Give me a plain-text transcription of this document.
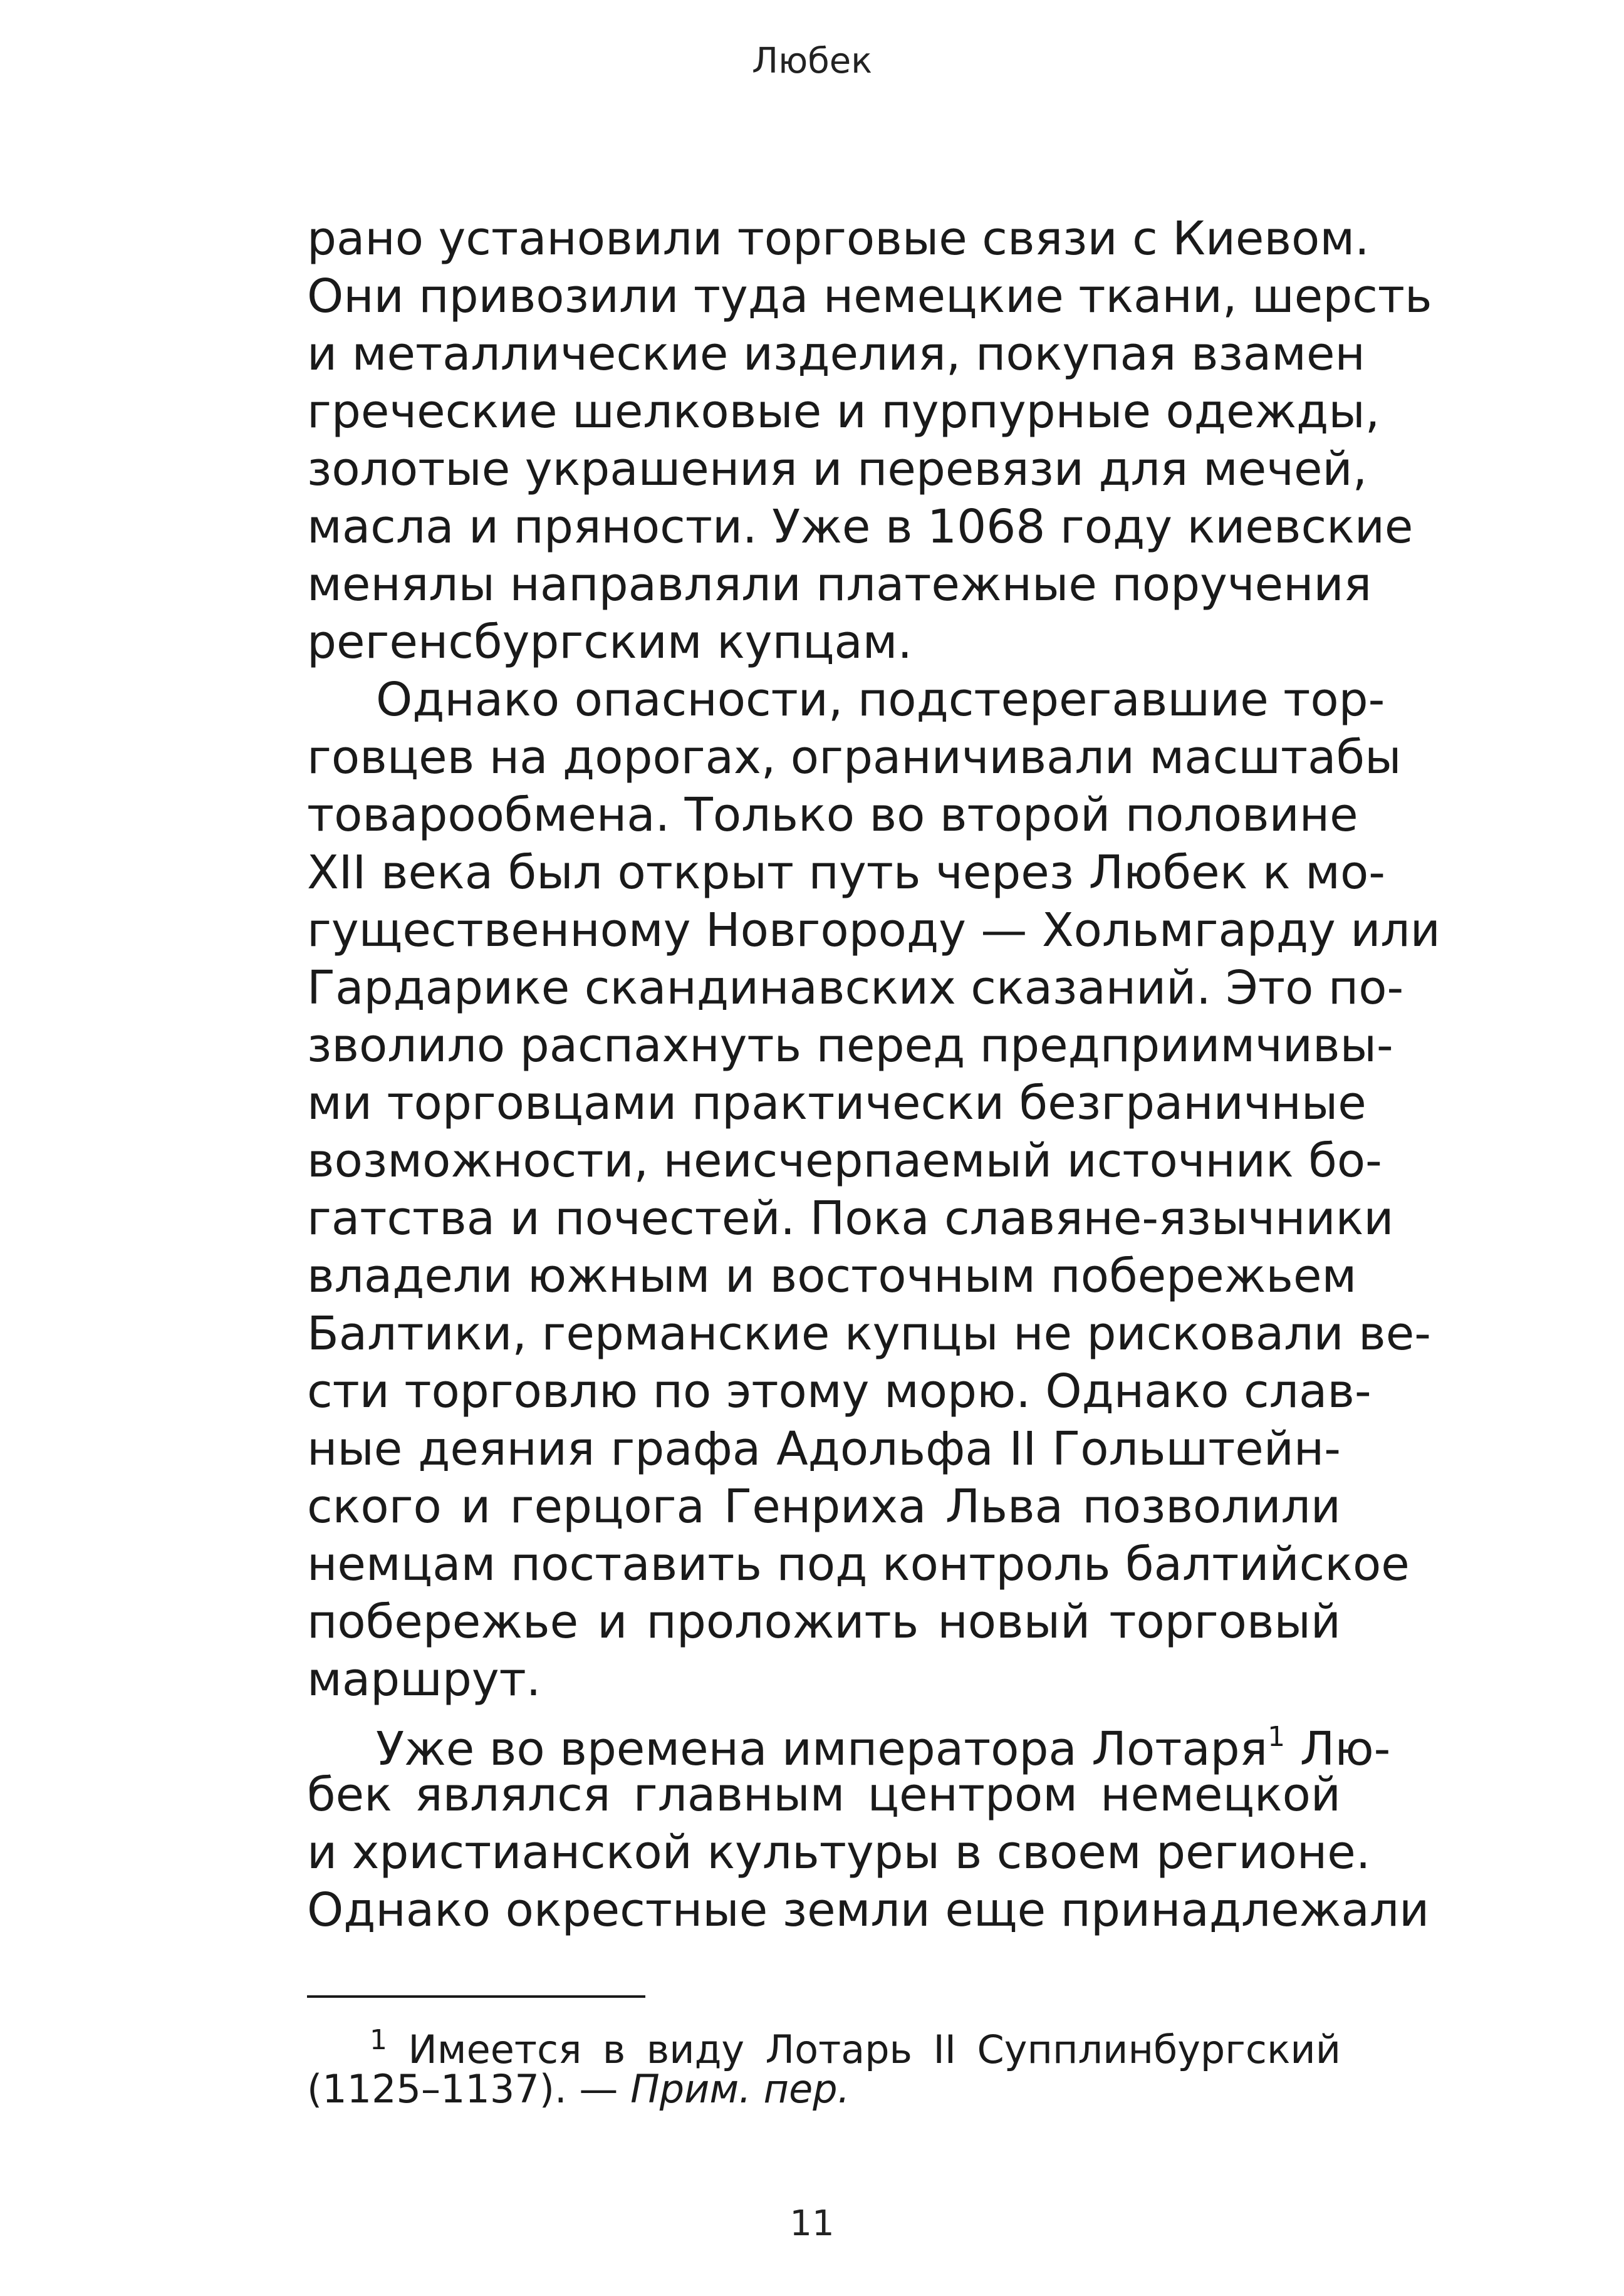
Любек

рано установили торговые связи с Киевом.

Они привозили туда немецкие ткани, шерсть

и металлические изделия, покупая взамен

греческие шелковые и пурпурные одежды,

золотые украшения и перевязи для мечей,

масла и пряности. Уже в 1068 году киевские

менялы направляли платежные поручения

регенсбургским купцам.

Однако опасности, подстерегавшие тор-

говцев на дорогах, ограничивали масштабы

товарообмена. Только во второй половине

XII века был открыт путь через Любек к мо-

гущественному Новгороду — Хольмгарду или

Гардарике скандинавских сказаний. Это по-

зволило распахнуть перед предприимчивы-

ми торговцами практически безграничные

возможности, неисчерпаемый источник бо-

гатства и почестей. Пока славяне-язычники

владели южным и восточным побережьем

Балтики, германские купцы не рисковали ве-

сти торговлю по этому морю. Однако слав-

ные деяния графа Адольфа II Гольштейн-

ского и герцога Генриха Льва позволили

немцам поставить под контроль балтийское

побережье и проложить новый торговый

маршрут.

Уже во времена императора Лотаря$^1$ Лю-

бек являлся главным центром немецкой

и христианской культуры в своем регионе.

Однако окрестные земли еще принадлежали

$^1$ Имеется в виду Лотарь II Супплинбургский

(1125–1137). — Прим. пер.

11
